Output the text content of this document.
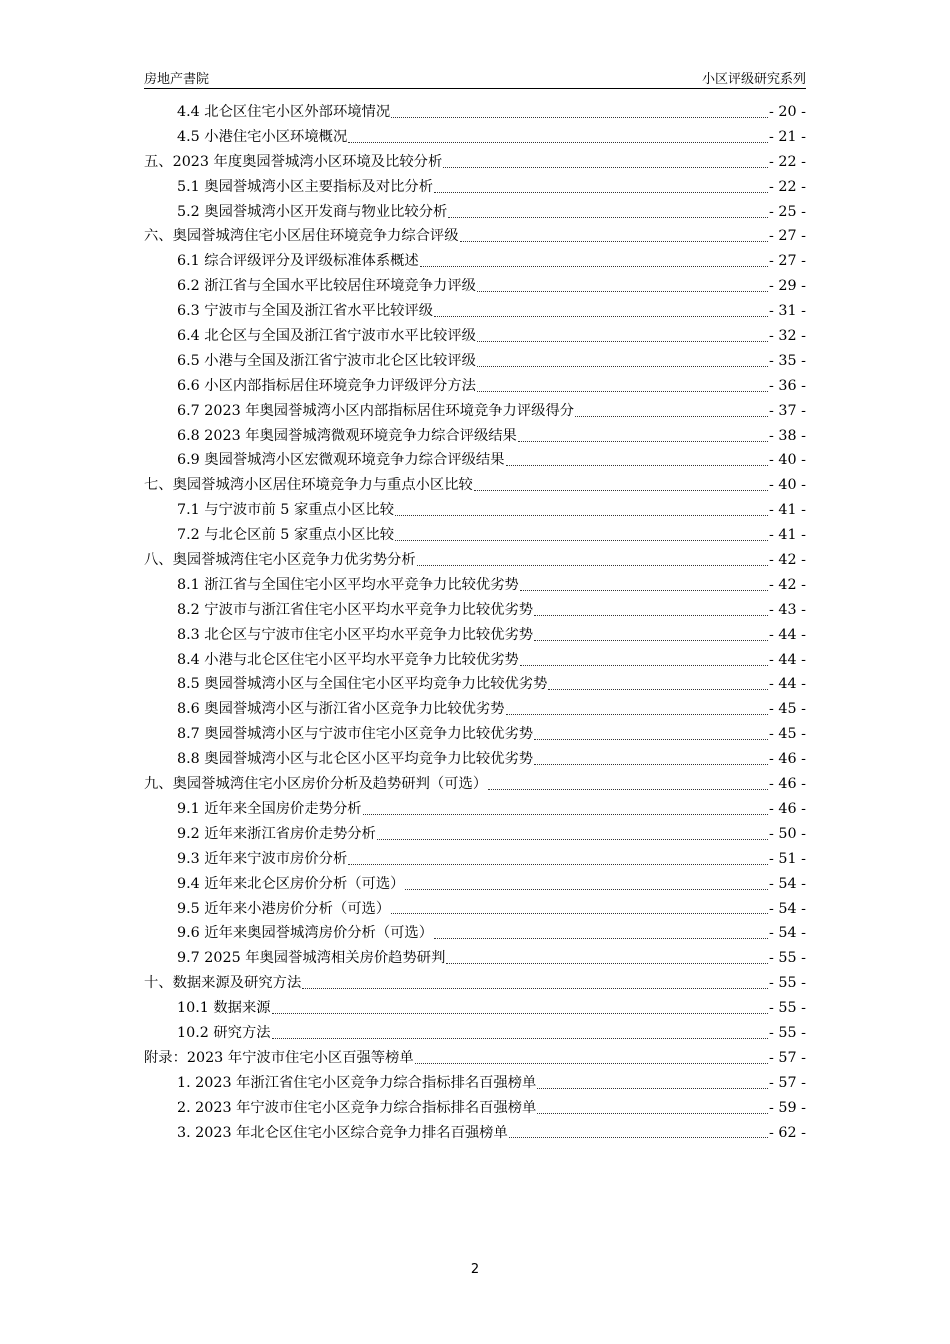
房地产書院	小区评级研究系列
4.4 北仑区住宅小区外部环境情况	- 20 -
4.5 小港住宅小区环境概况	- 21 -
五、2023 年度奥园誉城湾小区环境及比较分析	- 22 -
5.1 奥园誉城湾小区主要指标及对比分析	- 22 -
5.2 奥园誉城湾小区开发商与物业比较分析	- 25 -
六、奥园誉城湾住宅小区居住环境竞争力综合评级	- 27 -
6.1 综合评级评分及评级标准体系概述	- 27 -
6.2 浙江省与全国水平比较居住环境竞争力评级	- 29 -
6.3 宁波市与全国及浙江省水平比较评级	- 31 -
6.4 北仑区与全国及浙江省宁波市水平比较评级	- 32 -
6.5 小港与全国及浙江省宁波市北仑区比较评级	- 35 -
6.6 小区内部指标居住环境竞争力评级评分方法	- 36 -
6.7 2023 年奥园誉城湾小区内部指标居住环境竞争力评级得分	- 37 -
6.8 2023 年奥园誉城湾微观环境竞争力综合评级结果	- 38 -
6.9 奥园誉城湾小区宏微观环境竞争力综合评级结果	- 40 -
七、奥园誉城湾小区居住环境竞争力与重点小区比较	- 40 -
7.1 与宁波市前 5 家重点小区比较	- 41 -
7.2 与北仑区前 5 家重点小区比较	- 41 -
八、奥园誉城湾住宅小区竞争力优劣势分析	- 42 -
8.1 浙江省与全国住宅小区平均水平竞争力比较优劣势	- 42 -
8.2 宁波市与浙江省住宅小区平均水平竞争力比较优劣势	- 43 -
8.3 北仑区与宁波市住宅小区平均水平竞争力比较优劣势	- 44 -
8.4 小港与北仑区住宅小区平均水平竞争力比较优劣势	- 44 -
8.5 奥园誉城湾小区与全国住宅小区平均竞争力比较优劣势	- 44 -
8.6 奥园誉城湾小区与浙江省小区竞争力比较优劣势	- 45 -
8.7 奥园誉城湾小区与宁波市住宅小区竞争力比较优劣势	- 45 -
8.8 奥园誉城湾小区与北仑区小区平均竞争力比较优劣势	- 46 -
九、奥园誉城湾住宅小区房价分析及趋势研判（可选）	- 46 -
9.1 近年来全国房价走势分析	- 46 -
9.2 近年来浙江省房价走势分析	- 50 -
9.3 近年来宁波市房价分析	- 51 -
9.4 近年来北仑区房价分析（可选）	- 54 -
9.5 近年来小港房价分析（可选）	- 54 -
9.6 近年来奥园誉城湾房价分析（可选）	- 54 -
9.7 2025 年奥园誉城湾相关房价趋势研判	- 55 -
十、数据来源及研究方法	- 55 -
10.1 数据来源	- 55 -
10.2 研究方法	- 55 -
附录：2023 年宁波市住宅小区百强等榜单	- 57 -
1. 2023 年浙江省住宅小区竞争力综合指标排名百强榜单	- 57 -
2. 2023 年宁波市住宅小区竞争力综合指标排名百强榜单	- 59 -
3. 2023 年北仑区住宅小区综合竞争力排名百强榜单	- 62 -
2
